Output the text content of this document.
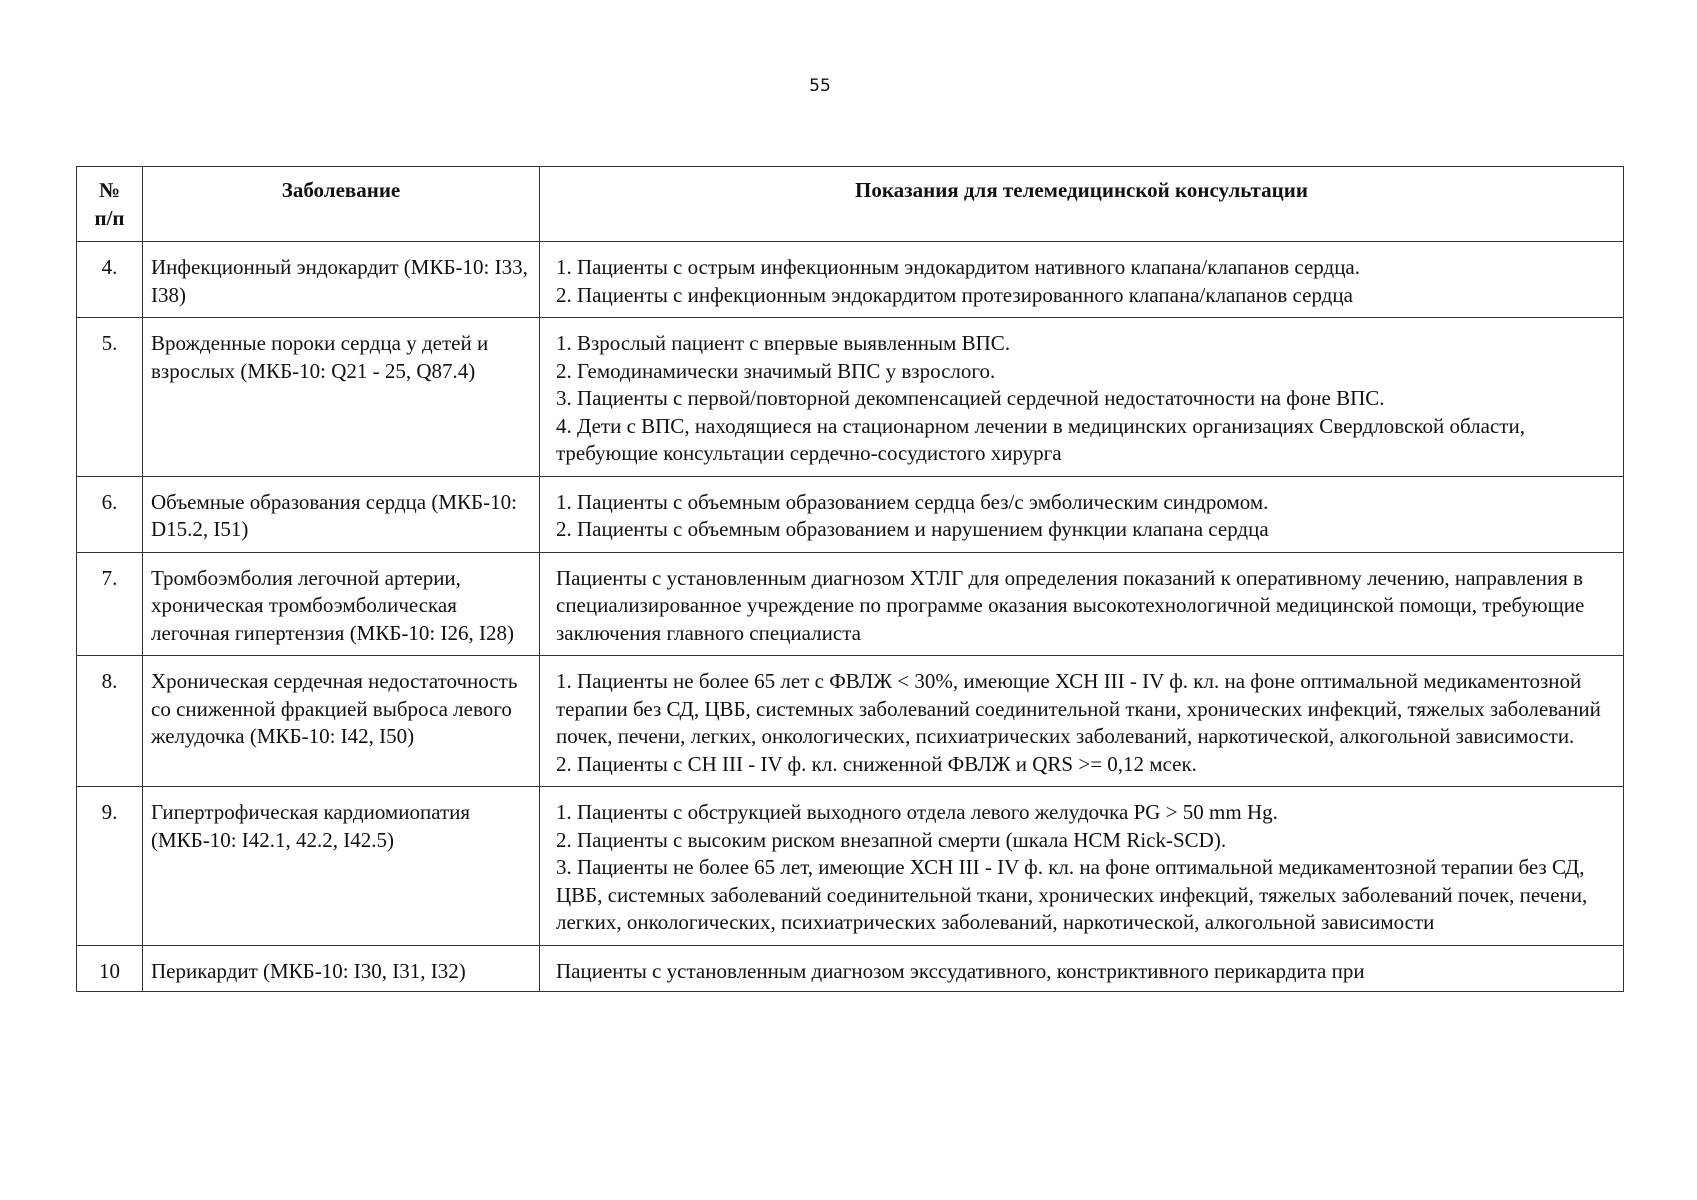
55
№
п/п	Заболевание	Показания для телемедицинской консультации
4.	Инфекционный эндокардит (МКБ-10: I33, I38)	1. Пациенты с острым инфекционным эндокардитом нативного клапана/клапанов сердца.
2. Пациенты с инфекционным эндокардитом протезированного клапана/клапанов сердца

5.	Врожденные пороки сердца у детей и взрослых (МКБ-10: Q21 - 25, Q87.4)	1. Взрослый пациент с впервые выявленным ВПС.
2. Гемодинамически значимый ВПС у взрослого.
3. Пациенты с первой/повторной декомпенсацией сердечной недостаточности на фоне ВПС.
4. Дети с ВПС, находящиеся на стационарном лечении в медицинских организациях Свердловской области, требующие консультации сердечно-сосудистого хирурга

6.	Объемные образования сердца (МКБ-10: D15.2, I51)	1. Пациенты с объемным образованием сердца без/с эмболическим синдромом.
2. Пациенты с объемным образованием и нарушением функции клапана сердца

7.	Тромбоэмболия легочной артерии, хроническая тромбоэмболическая легочная гипертензия (МКБ-10: I26, I28)	Пациенты с установленным диагнозом ХТЛГ для определения показаний к оперативному лечению, направления в специализированное учреждение по программе оказания высокотехнологичной медицинской помощи, требующие заключения главного специалиста

8.	Хроническая сердечная недостаточность со сниженной фракцией выброса левого желудочка (МКБ-10: I42, I50)	1. Пациенты не более 65 лет с ФВЛЖ < 30%, имеющие ХСН III - IV ф. кл. на фоне оптимальной медикаментозной терапии без СД, ЦВБ, системных заболеваний соединительной ткани, хронических инфекций, тяжелых заболеваний почек, печени, легких, онкологических, психиатрических заболеваний, наркотической, алкогольной зависимости.
2. Пациенты с СН III - IV ф. кл. сниженной ФВЛЖ и QRS >= 0,12 мсек.

9.	Гипертрофическая кардиомиопатия (МКБ-10: I42.1, 42.2, I42.5)	1. Пациенты с обструкцией выходного отдела левого желудочка PG > 50 mm Hg.
2. Пациенты с высоким риском внезапной смерти (шкала HCM Rick-SCD).
3. Пациенты не более 65 лет, имеющие ХСН III - IV ф. кл. на фоне оптимальной медикаментозной терапии без СД, ЦВБ, системных заболеваний соединительной ткани, хронических инфекций, тяжелых заболеваний почек, печени, легких, онкологических, психиатрических заболеваний, наркотической, алкогольной зависимости

10	Перикардит (МКБ-10: I30, I31, I32)	Пациенты с установленным диагнозом экссудативного, констриктивного перикардита при
